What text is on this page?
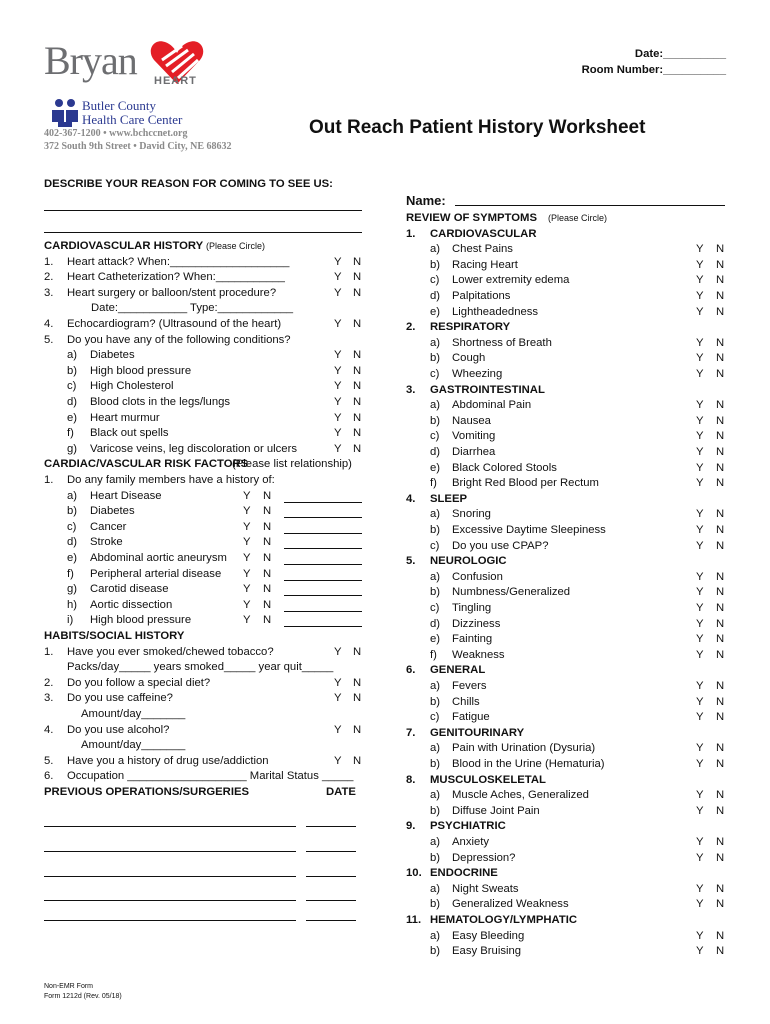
Bryan HEART
Butler County
Health Care Center
402-367-1200 • www.bchccnet.org
372 South 9th Street • David City, NE 68632
Date:__________
Room Number:__________
Out Reach Patient History Worksheet
DESCRIBE YOUR REASON FOR COMING TO SEE US:
CARDIOVASCULAR HISTORY (Please Circle)
1. Heart attack? When:___________________	Y N
2. Heart Catheterization? When:___________	Y N
3. Heart surgery or balloon/stent procedure?	Y N
Date:___________ Type:____________
4. Echocardiogram? (Ultrasound of the heart)	Y N
5. Do you have any of the following conditions?
a) Diabetes	Y N
b) High blood pressure	Y N
c) High Cholesterol	Y N
d) Blood clots in the legs/lungs	Y N
e) Heart murmur	Y N
f) Black out spells	Y N
g) Varicose veins, leg discoloration or ulcers	Y N
CARDIAC/VASCULAR RISK FACTORS
(Please list relationship)
1. Do any family members have a history of:
a) Heart Disease	Y N
b) Diabetes	Y N
c) Cancer	Y N
d) Stroke	Y N
e) Abdominal aortic aneurysm Y N
f) Peripheral arterial disease Y N
g) Carotid disease	Y N
h) Aortic dissection	Y N
i) High blood pressure	Y N
HABITS/SOCIAL HISTORY
1. Have you ever smoked/chewed tobacco?	Y N
Packs/day_____ years smoked_____ year quit_____
2. Do you follow a special diet?	Y N
3. Do you use caffeine?	Y N
Amount/day_______
4. Do you use alcohol?	Y N
Amount/day_______
5. Have you a history of drug use/addiction	Y N
6. Occupation ___________________ Marital Status _____
PREVIOUS OPERATIONS/SURGERIES	DATE
Name:
REVIEW OF SYMPTOMS (Please Circle)
1. CARDIOVASCULAR
a) Chest Pains	Y N
b) Racing Heart	Y N
c) Lower extremity edema	Y N
d) Palpitations	Y N
e) Lightheadedness	Y N
2. RESPIRATORY
a) Shortness of Breath	Y N
b) Cough	Y N
c) Wheezing	Y N
3. GASTROINTESTINAL
a) Abdominal Pain	Y N
b) Nausea	Y N
c) Vomiting	Y N
d) Diarrhea	Y N
e) Black Colored Stools	Y N
f) Bright Red Blood per Rectum	Y N
4. SLEEP
a) Snoring	Y N
b) Excessive Daytime Sleepiness	Y N
c) Do you use CPAP?	Y N
5. NEUROLOGIC
a) Confusion	Y N
b) Numbness/Generalized	Y N
c) Tingling	Y N
d) Dizziness	Y N
e) Fainting	Y N
f) Weakness	Y N
6. GENERAL
a) Fevers	Y N
b) Chills	Y N
c) Fatigue	Y N
7. GENITOURINARY
a) Pain with Urination (Dysuria)	Y N
b) Blood in the Urine (Hematuria)	Y N
8. MUSCULOSKELETAL
a) Muscle Aches, Generalized	Y N
b) Diffuse Joint Pain	Y N
9. PSYCHIATRIC
a) Anxiety	Y N
b) Depression?	Y N
10. ENDOCRINE
a) Night Sweats	Y N
b) Generalized Weakness	Y N
11. HEMATOLOGY/LYMPHATIC
a) Easy Bleeding	Y N
b) Easy Bruising	Y N
Non-EMR Form
Form 1212d (Rev. 05/18)
